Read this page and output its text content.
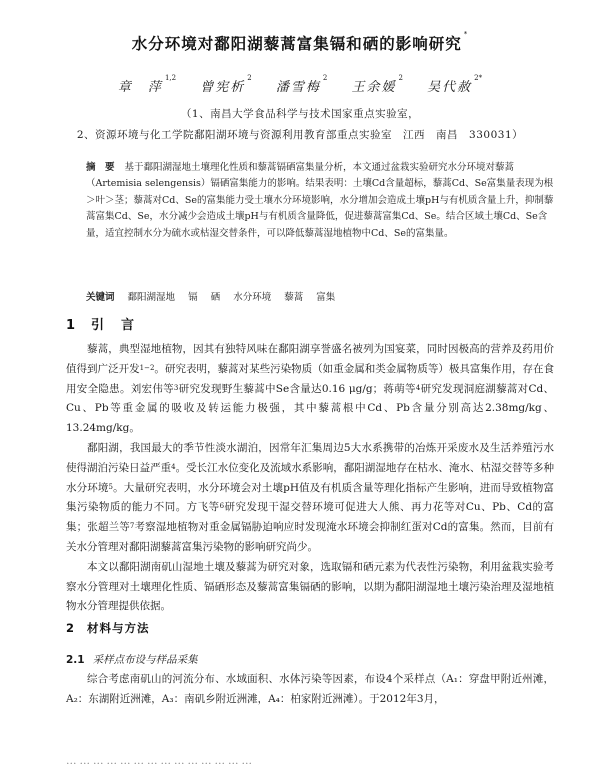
水分环境对鄱阳湖藜蒿富集镉和硒的影响研究*
章　萍$^{1,2}$ 曾宪析$^2$ 潘雪梅$^2$ 王余媛$^2$ 吴代赦$^{2*}$
（1、南昌大学食品科学与技术国家重点实验室，
2、资源环境与化工学院鄱阳湖环境与资源利用教育部重点实验室　江西　南昌　330031）
摘　要 基于鄱阳湖湿地土壤理化性质和藜蒿镉硒富集量分析，本文通过盆栽实验研究水分环境对藜蒿（Artemisia selengensis）镉硒富集能力的影响。结果表明：土壤Cd含量超标，藜蒿Cd、Se富集量表现为根＞叶＞茎；藜蒿对Cd、Se的富集能力受土壤水分环境影响，水分增加会造成土壤pH与有机质含量上升，抑制藜蒿富集Cd、Se，水分减少会造成土壤pH与有机质含量降低，促进藜蒿富集Cd、Se。结合区域土壤Cd、Se含量，适宜控制水分为硫水或枯湿交替条件，可以降低藜蒿湿地植物中Cd、Se的富集量。
关键词 鄱阳湖湿地 镉 硒 水分环境 藜蒿 富集
1 引　言

藜蒿，典型湿地植物，因其有独特风味在鄱阳湖享誉盛名被列为国宴菜，同时因极高的营养及药用价值得到广泛开发$^{1-2}$。研究表明，藜蒿对某些污染物质（如重金属和类金属物质等）极具富集作用，存在食用安全隐患。刘宏伟等$^3$研究发现野生藜蒿中Se含量达0.16 μg/g；蒋萌等$^4$研究发现洞庭湖藜蒿对Cd、Cu、Pb等重金属的吸收及转运能力极强，其中藜蒿根中Cd、Pb含量分别高达2.38mg/kg、13.24mg/kg。

鄱阳湖，我国最大的季节性淡水湖泊，因常年汇集周边5大水系携带的冶炼开采废水及生活养殖污水使得湖泊污染日益严重$^4$。受长江水位变化及流域水系影响，鄱阳湖湿地存在枯水、淹水、枯湿交替等多种水分环境$^5$。大量研究表明，水分环境会对土壤pH值及有机质含量等理化指标产生影响，进而导致植物富集污染物质的能力不同。方飞等$^6$研究发现干湿交替环境可促进大人熊、再力花等对Cu、Pb、Cd的富集；张超兰等$^7$考察湿地植物对重金属镉胁迫响应时发现淹水环境会抑制红蛋对Cd的富集。然而，目前有关水分管理对鄱阳湖藜蒿富集污染物的影响研究尚少。

本文以鄱阳湖南矶山湿地土壤及藜蒿为研究对象，选取镉和硒元素为代表性污染物，利用盆栽实验考察水分管理对土壤理化性质、镉硒形态及藜蒿富集镉硒的影响，以期为鄱阳湖湿地土壤污染治理及湿地植物水分管理提供依据。

2 材料与方法
2.1 采样点布设与样品采集

综合考虑南矶山的河流分布、水域面积、水体污染等因素，布设4个采样点（A₁：穿盘甲附近州滩，A₂：东湖附近洲滩，A₃：南矶乡附近洲滩，A₄：柏家附近洲滩）。于2012年3月，

……………………………………
